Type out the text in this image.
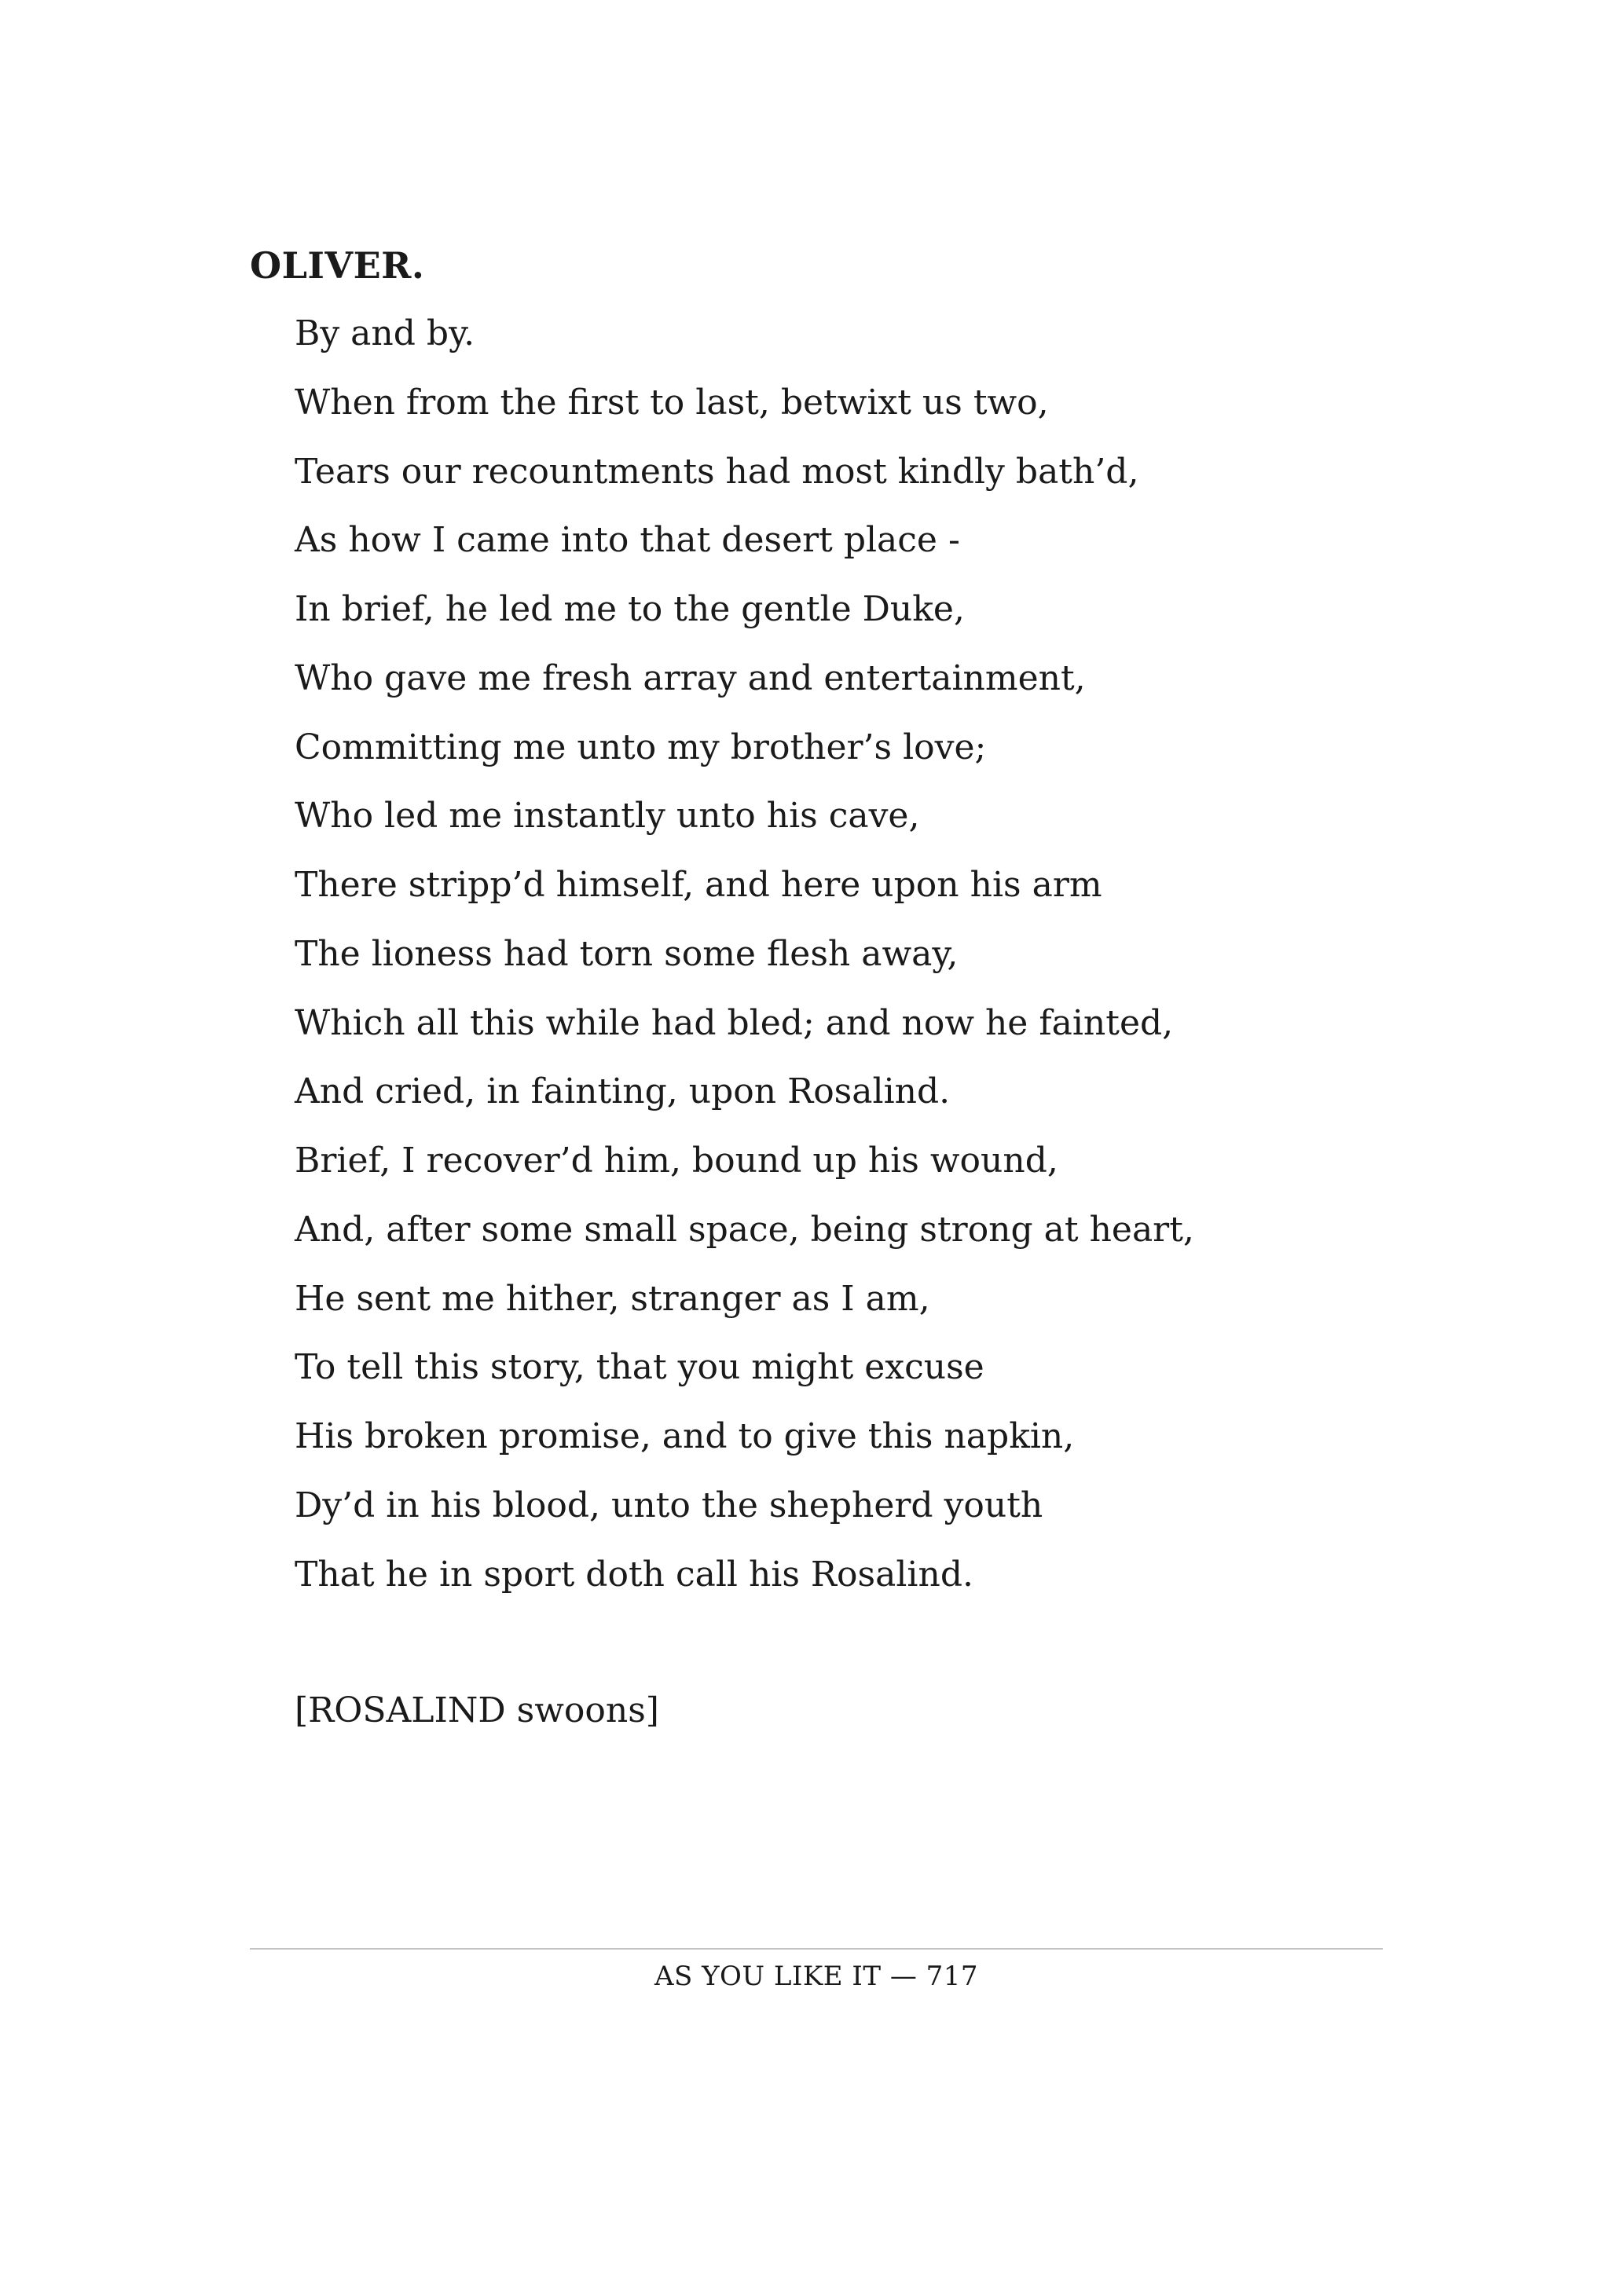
OLIVER.
By and by.
When from the first to last, betwixt us two,
Tears our recountments had most kindly bath’d,
As how I came into that desert place -
In brief, he led me to the gentle Duke,
Who gave me fresh array and entertainment,
Committing me unto my brother’s love;
Who led me instantly unto his cave,
There stripp’d himself, and here upon his arm
The lioness had torn some flesh away,
Which all this while had bled; and now he fainted,
And cried, in fainting, upon Rosalind.
Brief, I recover’d him, bound up his wound,
And, after some small space, being strong at heart,
He sent me hither, stranger as I am,
To tell this story, that you might excuse
His broken promise, and to give this napkin,
Dy’d in his blood, unto the shepherd youth
That he in sport doth call his Rosalind.
[ROSALIND swoons]
AS YOU LIKE IT — 717
